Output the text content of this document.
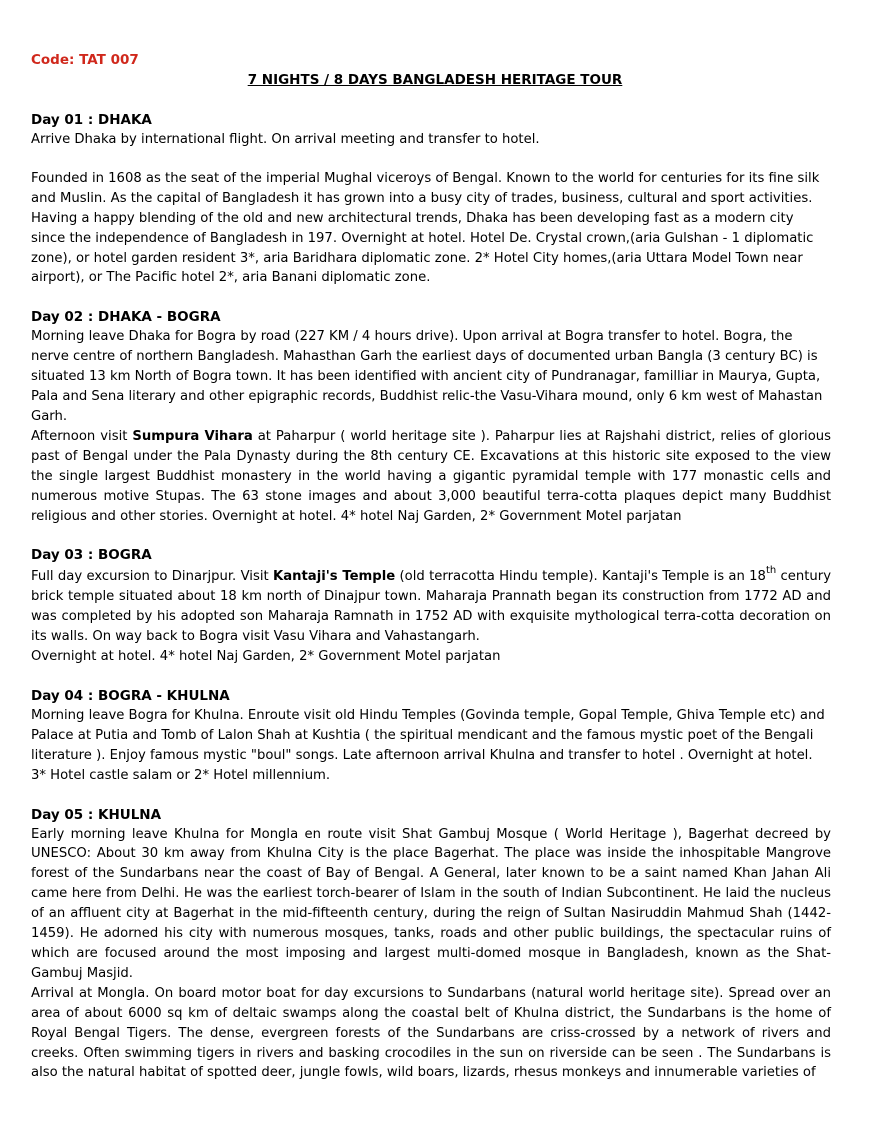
Code: TAT 007
7 NIGHTS / 8 DAYS BANGLADESH HERITAGE TOUR
Day 01 : DHAKA

Arrive Dhaka by international flight. On arrival meeting and transfer to hotel.

Founded in 1608 as the seat of the imperial Mughal viceroys of Bengal. Known to the world for centuries for its fine silk and Muslin. As the capital of Bangladesh it has grown into a busy city of trades, business, cultural and sport activities. Having a happy blending of the old and new architectural trends, Dhaka has been developing fast as a modern city since the independence of Bangladesh in 197. Overnight at hotel. Hotel De. Crystal crown,(aria Gulshan - 1 diplomatic zone), or hotel garden resident 3*, aria Baridhara diplomatic zone. 2* Hotel City homes,(aria Uttara Model Town near airport), or The Pacific hotel 2*, aria Banani diplomatic zone.

Day 02 : DHAKA - BOGRA

Morning leave Dhaka for Bogra by road (227 KM / 4 hours drive). Upon arrival at Bogra transfer to hotel. Bogra, the nerve centre of northern Bangladesh. Mahasthan Garh the earliest days of documented urban Bangla (3 century BC) is situated 13 km North of Bogra town. It has been identified with ancient city of Pundranagar, familliar in Maurya, Gupta, Pala and Sena literary and other epigraphic records, Buddhist relic-the Vasu-Vihara mound, only 6 km west of Mahastan Garh.

Afternoon visit Sumpura Vihara at Paharpur ( world heritage site ). Paharpur lies at Rajshahi district, relies of glorious past of Bengal under the Pala Dynasty during the 8th century CE. Excavations at this historic site exposed to the view the single largest Buddhist monastery in the world having a gigantic pyramidal temple with 177 monastic cells and numerous motive Stupas. The 63 stone images and about 3,000 beautiful terra-cotta plaques depict many Buddhist religious and other stories. Overnight at hotel. 4* hotel Naj Garden, 2* Government Motel parjatan

Day 03 : BOGRA

Full day excursion to Dinarjpur. Visit Kantaji's Temple (old terracotta Hindu temple). Kantaji's Temple is an 18th century brick temple situated about 18 km north of Dinajpur town. Maharaja Prannath began its construction from 1772 AD and was completed by his adopted son Maharaja Ramnath in 1752 AD with exquisite mythological terra-cotta decoration on its walls. On way back to Bogra visit Vasu Vihara and Vahastangarh.

Overnight at hotel. 4* hotel Naj Garden, 2* Government Motel parjatan

Day 04 : BOGRA - KHULNA

Morning leave Bogra for Khulna. Enroute visit old Hindu Temples (Govinda temple, Gopal Temple, Ghiva Temple etc) and Palace at Putia and Tomb of Lalon Shah at Kushtia ( the spiritual mendicant and the famous mystic poet of the Bengali literature ). Enjoy famous mystic "boul" songs. Late afternoon arrival Khulna and transfer to hotel . Overnight at hotel. 3* Hotel castle salam or 2* Hotel millennium.

Day 05 : KHULNA

Early morning leave Khulna for Mongla en route visit Shat Gambuj Mosque ( World Heritage ), Bagerhat decreed by UNESCO: About 30 km away from Khulna City is the place Bagerhat. The place was inside the inhospitable Mangrove forest of the Sundarbans near the coast of Bay of Bengal. A General, later known to be a saint named Khan Jahan Ali came here from Delhi. He was the earliest torch-bearer of Islam in the south of Indian Subcontinent. He laid the nucleus of an affluent city at Bagerhat in the mid-fifteenth century, during the reign of Sultan Nasiruddin Mahmud Shah (1442-1459). He adorned his city with numerous mosques, tanks, roads and other public buildings, the spectacular ruins of which are focused around the most imposing and largest multi-domed mosque in Bangladesh, known as the Shat-Gambuj Masjid.

Arrival at Mongla. On board motor boat for day excursions to Sundarbans (natural world heritage site). Spread over an area of about 6000 sq km of deltaic swamps along the coastal belt of Khulna district, the Sundarbans is the home of Royal Bengal Tigers. The dense, evergreen forests of the Sundarbans are criss-crossed by a network of rivers and creeks. Often swimming tigers in rivers and basking crocodiles in the sun on riverside can be seen . The Sundarbans is also the natural habitat of spotted deer, jungle fowls, wild boars, lizards, rhesus monkeys and innumerable varieties of
